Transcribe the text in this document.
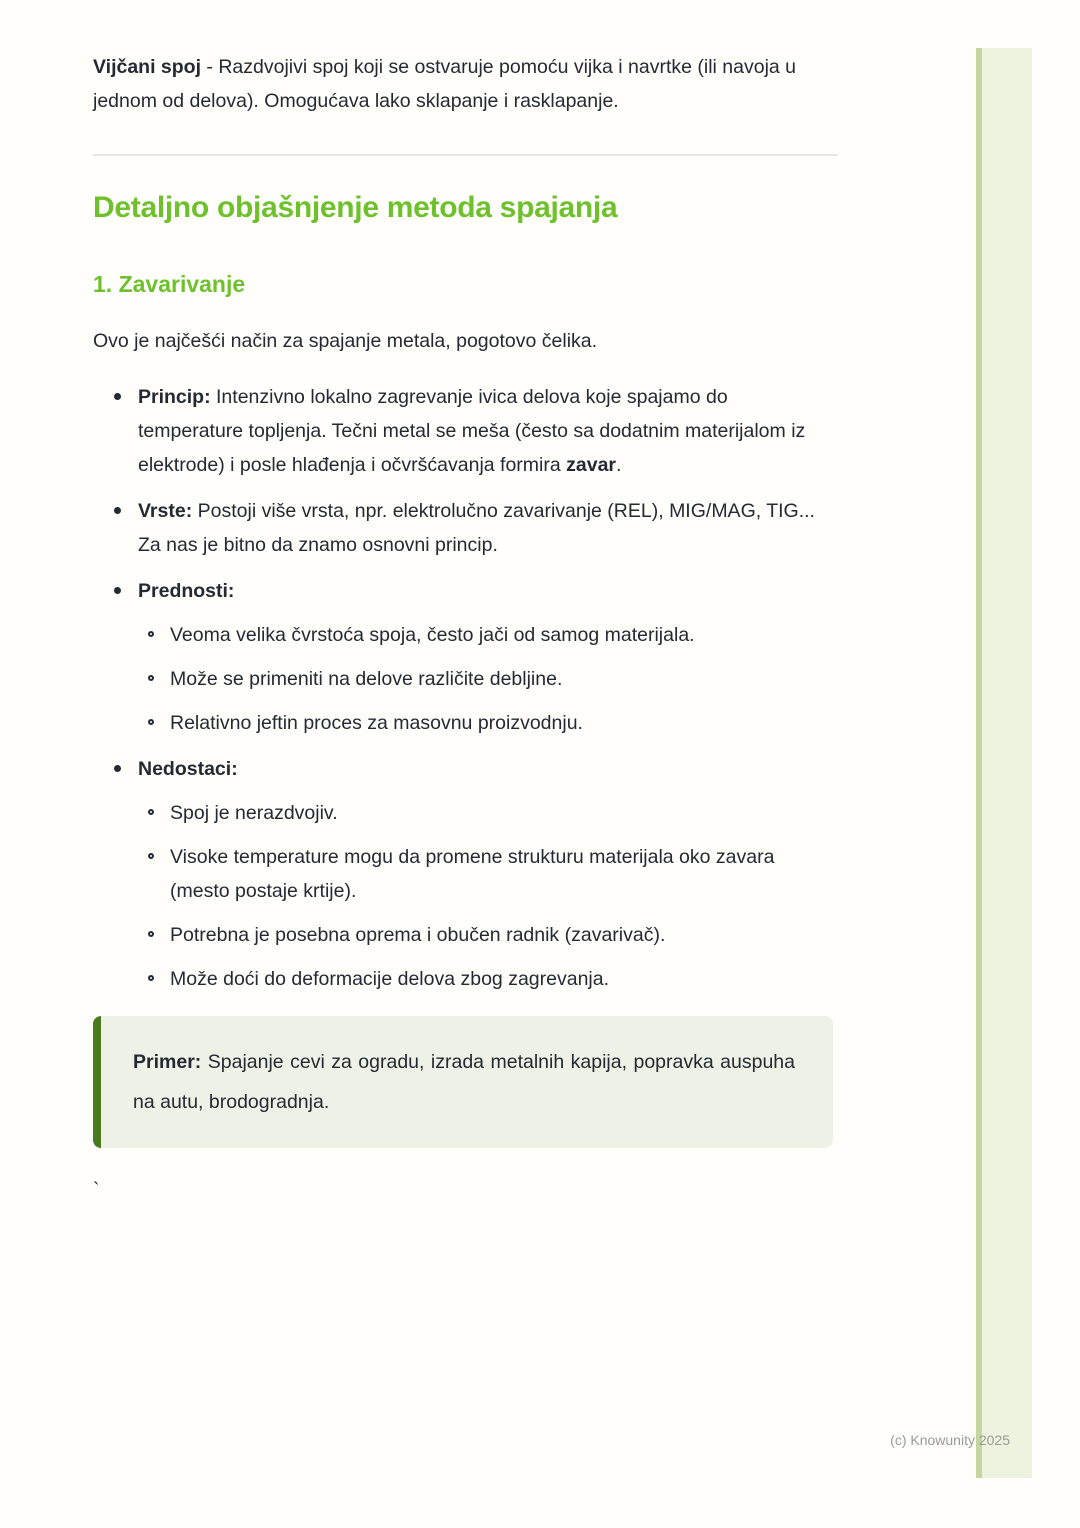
Vijčani spoj - Razdvojivi spoj koji se ostvaruje pomoću vijka i navrtke (ili navoja u jednom od delova). Omogućava lako sklapanje i rasklapanje.

Detaljno objašnjenje metoda spajanja
1. Zavarivanje

Ovo je najčešći način za spajanje metala, pogotovo čelika.

Princip: Intenzivno lokalno zagrevanje ivica delova koje spajamo do temperature topljenja. Tečni metal se meša (često sa dodatnim materijalom iz elektrode) i posle hlađenja i očvršćavanja formira zavar.
Vrste: Postoji više vrsta, npr. elektrolučno zavarivanje (REL), MIG/MAG, TIG... Za nas je bitno da znamo osnovni princip.
Prednosti:
Veoma velika čvrstoća spoja, često jači od samog materijala.
Može se primeniti na delove različite debljine.
Relativno jeftin proces za masovnu proizvodnju.
Nedostaci:
Spoj je nerazdvojiv.
Visoke temperature mogu da promene strukturu materijala oko zavara (mesto postaje krtije).
Potrebna je posebna oprema i obučen radnik (zavarivač).
Može doći do deformacije delova zbog zagrevanja.

Primer: Spajanje cevi za ogradu, izrada metalnih kapija, popravka auspuha na autu, brodogradnja.

`

(c) Knowunity 2025
